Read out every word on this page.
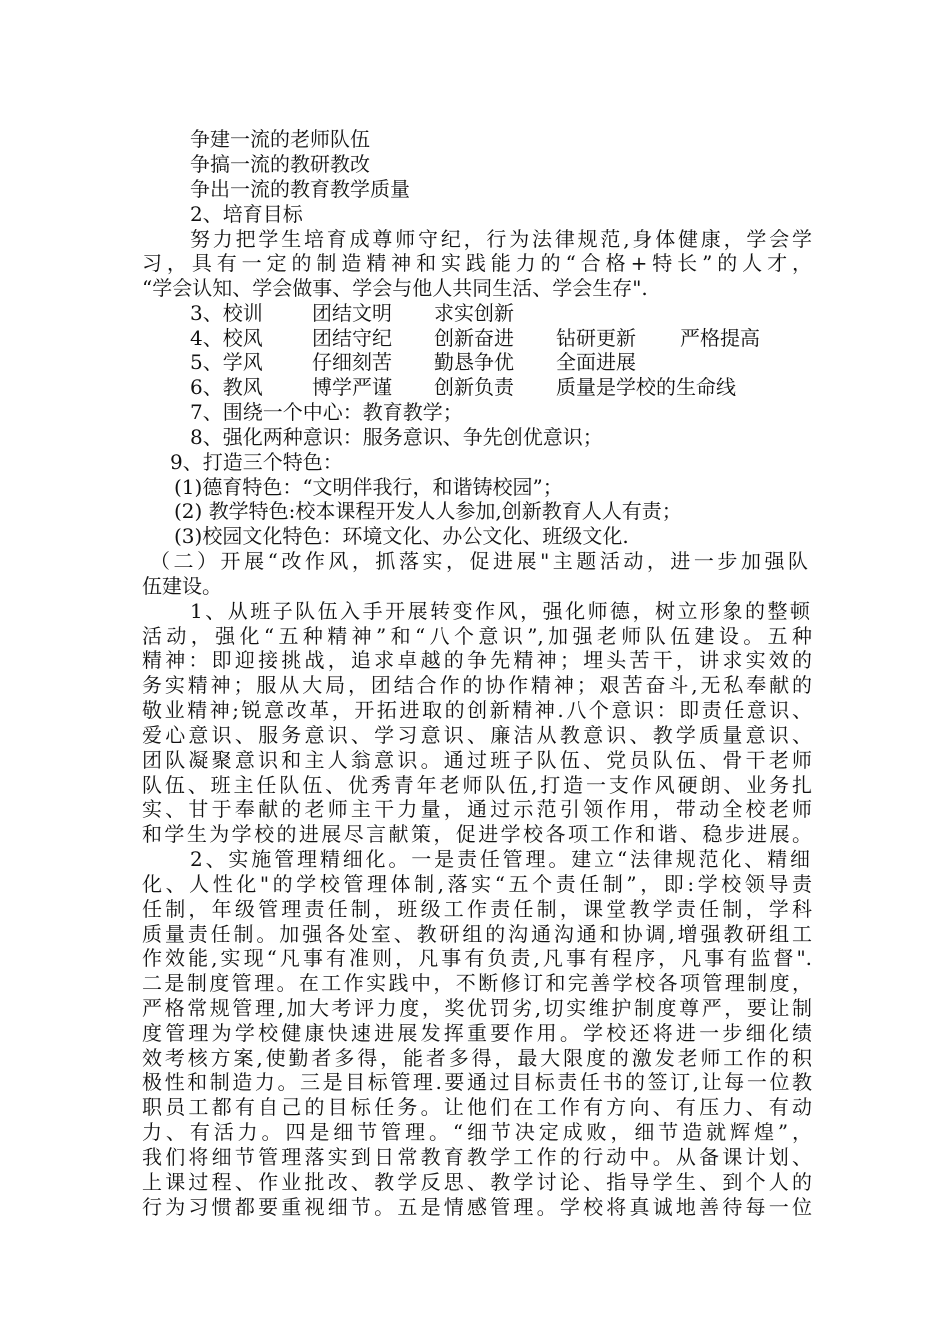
争建一流的老师队伍
争搞一流的教研教改
争出一流的教育教学质量
2、培育目标
努力把学生培育成尊师守纪，行为法律规范,身体健康，学会学
习，具有一定的制造精神和实践能力的“合格+特长”的人才，
“学会认知、学会做事、学会与他人共同生活、学会生存".
3、校训 团结文明 求实创新
4、校风 团结守纪 创新奋进 钻研更新 严格提高
5、学风 仔细刻苦 勤恳争优 全面进展
6、教风 博学严谨 创新负责 质量是学校的生命线
7、围绕一个中心：教育教学；
8、强化两种意识：服务意识、争先创优意识；
9、打造三个特色：
(1)德育特色：“文明伴我行，和谐铸校园”；
(2) 教学特色:校本课程开发人人参加,创新教育人人有责；
(3)校园文化特色：环境文化、办公文化、班级文化.
（二）开展“改作风，抓落实，促进展"主题活动，进一步加强队
伍建设。
1、从班子队伍入手开展转变作风，强化师德，树立形象的整顿
活动，强化“五种精神”和“八个意识”,加强老师队伍建设。五种
精神：即迎接挑战，追求卓越的争先精神；埋头苦干，讲求实效的
务实精神；服从大局，团结合作的协作精神；艰苦奋斗,无私奉献的
敬业精神;锐意改革，开拓进取的创新精神.八个意识：即责任意识、
爱心意识、服务意识、学习意识、廉洁从教意识、教学质量意识、
团队凝聚意识和主人翁意识。通过班子队伍、党员队伍、骨干老师
队伍、班主任队伍、优秀青年老师队伍,打造一支作风硬朗、业务扎
实、甘于奉献的老师主干力量，通过示范引领作用，带动全校老师
和学生为学校的进展尽言献策，促进学校各项工作和谐、稳步进展。
2、实施管理精细化。一是责任管理。建立“法律规范化、精细
化、人性化"的学校管理体制,落实“五个责任制”，即:学校领导责
任制，年级管理责任制，班级工作责任制，课堂教学责任制，学科
质量责任制。加强各处室、教研组的沟通沟通和协调,增强教研组工
作效能,实现“凡事有准则，凡事有负责,凡事有程序，凡事有监督".
二是制度管理。在工作实践中，不断修订和完善学校各项管理制度，
严格常规管理,加大考评力度，奖优罚劣,切实维护制度尊严，要让制
度管理为学校健康快速进展发挥重要作用。学校还将进一步细化绩
效考核方案,使勤者多得，能者多得，最大限度的激发老师工作的积
极性和制造力。三是目标管理.要通过目标责任书的签订,让每一位教
职员工都有自己的目标任务。让他们在工作有方向、有压力、有动
力、有活力。四是细节管理。“细节决定成败，细节造就辉煌”，
我们将细节管理落实到日常教育教学工作的行动中。从备课计划、
上课过程、作业批改、教学反思、教学讨论、指导学生、到个人的
行为习惯都要重视细节。五是情感管理。学校将真诚地善待每一位
